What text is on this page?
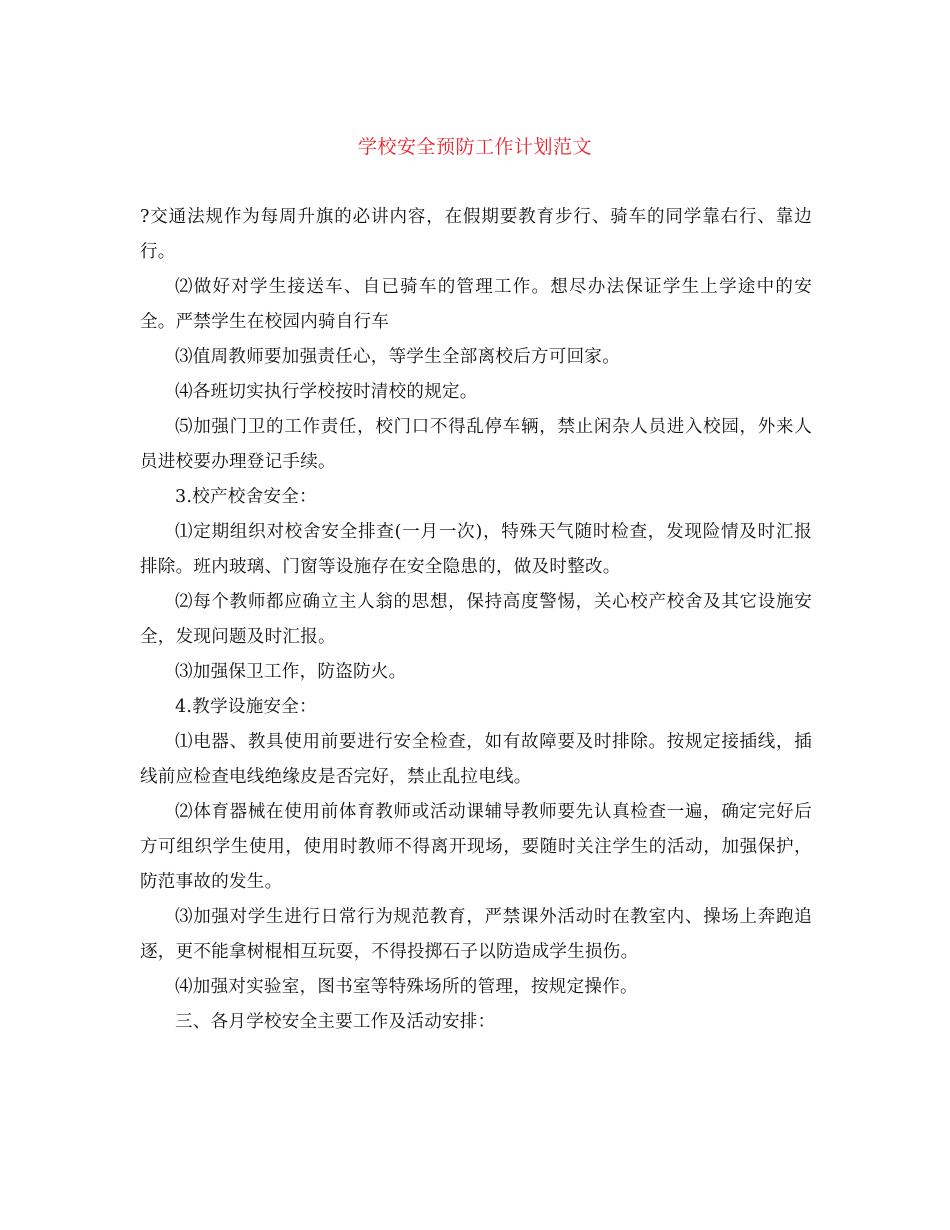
学校安全预防工作计划范文

?交通法规作为每周升旗的必讲内容，在假期要教育步行、骑车的同学靠右行、靠边行。

⑵做好对学生接送车、自已骑车的管理工作。想尽办法保证学生上学途中的安全。严禁学生在校园内骑自行车

⑶值周教师要加强责任心，等学生全部离校后方可回家。

⑷各班切实执行学校按时清校的规定。

⑸加强门卫的工作责任，校门口不得乱停车辆，禁止闲杂人员进入校园，外来人员进校要办理登记手续。

3.校产校舍安全：

⑴定期组织对校舍安全排查(一月一次)，特殊天气随时检查，发现险情及时汇报排除。班内玻璃、门窗等设施存在安全隐患的，做及时整改。

⑵每个教师都应确立主人翁的思想，保持高度警惕，关心校产校舍及其它设施安全，发现问题及时汇报。

⑶加强保卫工作，防盗防火。

4.教学设施安全：

⑴电器、教具使用前要进行安全检查，如有故障要及时排除。按规定接插线，插线前应检查电线绝缘皮是否完好，禁止乱拉电线。

⑵体育器械在使用前体育教师或活动课辅导教师要先认真检查一遍，确定完好后方可组织学生使用，使用时教师不得离开现场，要随时关注学生的活动，加强保护，防范事故的发生。

⑶加强对学生进行日常行为规范教育，严禁课外活动时在教室内、操场上奔跑追逐，更不能拿树棍相互玩耍，不得投掷石子以防造成学生损伤。

⑷加强对实验室，图书室等特殊场所的管理，按规定操作。

三、各月学校安全主要工作及活动安排：
